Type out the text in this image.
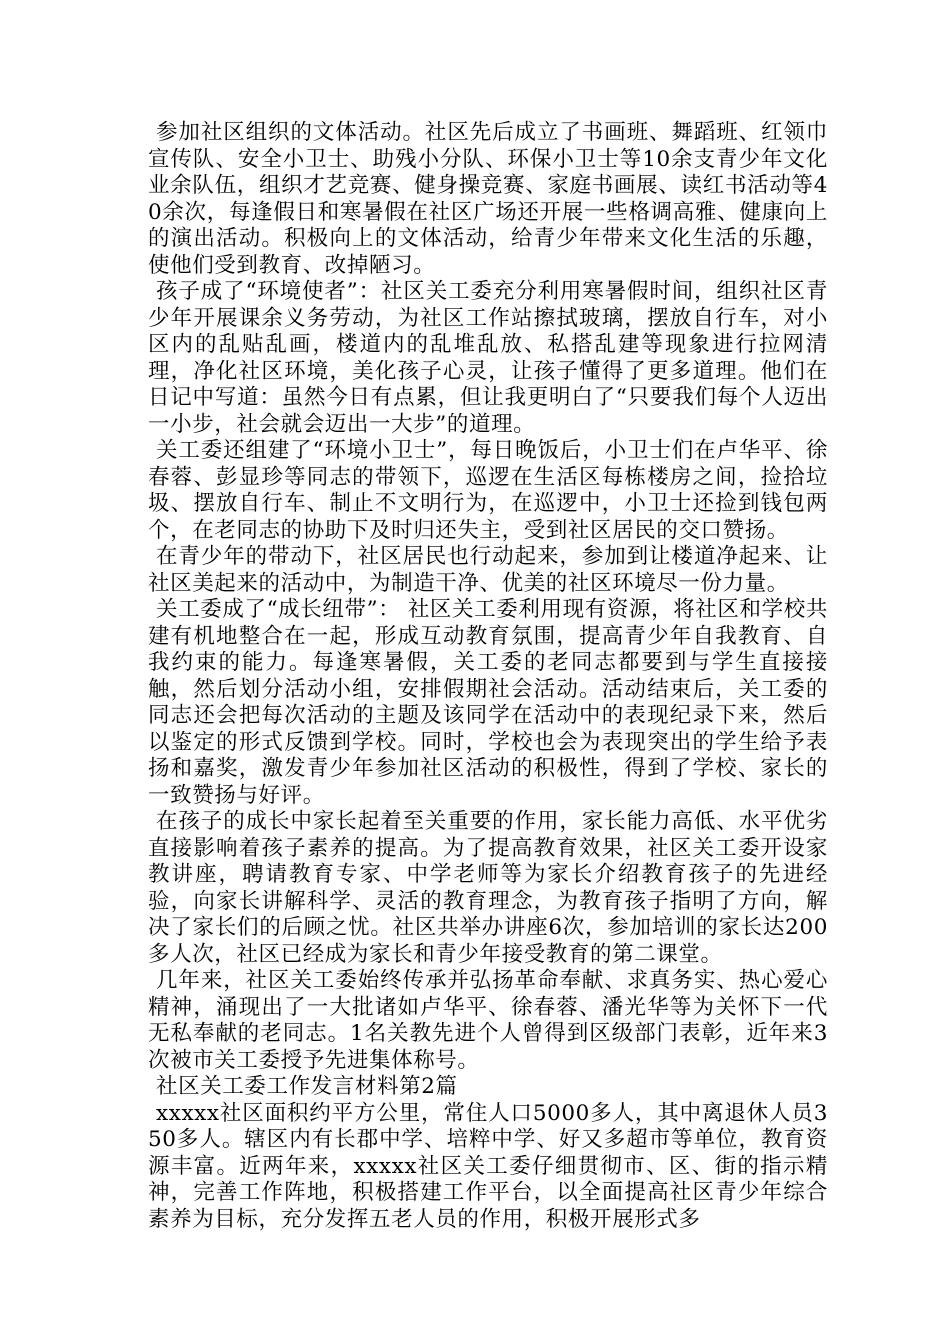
参加社区组织的文体活动。社区先后成立了书画班、舞蹈班、红领巾宣传队、安全小卫士、助残小分队、环保小卫士等10余支青少年文化业余队伍，组织才艺竞赛、健身操竞赛、家庭书画展、读红书活动等40余次，每逢假日和寒暑假在社区广场还开展一些格调高雅、健康向上的演出活动。积极向上的文体活动，给青少年带来文化生活的乐趣，使他们受到教育、改掉陋习。

孩子成了“环境使者”：社区关工委充分利用寒暑假时间，组织社区青少年开展课余义务劳动，为社区工作站擦拭玻璃，摆放自行车，对小区内的乱贴乱画，楼道内的乱堆乱放、私搭乱建等现象进行拉网清理，净化社区环境，美化孩子心灵，让孩子懂得了更多道理。他们在日记中写道：虽然今日有点累，但让我更明白了“只要我们每个人迈出一小步，社会就会迈出一大步”的道理。

关工委还组建了“环境小卫士”，每日晚饭后，小卫士们在卢华平、徐春蓉、彭显珍等同志的带领下，巡逻在生活区每栋楼房之间，捡拾垃圾、摆放自行车、制止不文明行为，在巡逻中，小卫士还捡到钱包两个，在老同志的协助下及时归还失主，受到社区居民的交口赞扬。

在青少年的带动下，社区居民也行动起来，参加到让楼道净起来、让社区美起来的活动中，为制造干净、优美的社区环境尽一份力量。

关工委成了“成长纽带”： 社区关工委利用现有资源，将社区和学校共建有机地整合在一起，形成互动教育氛围，提高青少年自我教育、自我约束的能力。每逢寒暑假，关工委的老同志都要到与学生直接接触，然后划分活动小组，安排假期社会活动。活动结束后，关工委的同志还会把每次活动的主题及该同学在活动中的表现纪录下来，然后以鉴定的形式反馈到学校。同时，学校也会为表现突出的学生给予表扬和嘉奖，激发青少年参加社区活动的积极性，得到了学校、家长的一致赞扬与好评。

在孩子的成长中家长起着至关重要的作用，家长能力高低、水平优劣直接影响着孩子素养的提高。为了提高教育效果，社区关工委开设家教讲座，聘请教育专家、中学老师等为家长介绍教育孩子的先进经验，向家长讲解科学、灵活的教育理念，为教育孩子指明了方向，解决了家长们的后顾之忧。社区共举办讲座6次，参加培训的家长达200多人次，社区已经成为家长和青少年接受教育的第二课堂。

几年来，社区关工委始终传承并弘扬革命奉献、求真务实、热心爱心精神，涌现出了一大批诸如卢华平、徐春蓉、潘光华等为关怀下一代无私奉献的老同志。1名关教先进个人曾得到区级部门表彰，近年来3次被市关工委授予先进集体称号。

社区关工委工作发言材料第2篇

xxxxx社区面积约平方公里，常住人口5000多人，其中离退休人员350多人。辖区内有长郡中学、培粹中学、好又多超市等单位，教育资源丰富。近两年来，xxxxx社区关工委仔细贯彻市、区、街的指示精神，完善工作阵地，积极搭建工作平台，以全面提高社区青少年综合素养为目标，充分发挥五老人员的作用，积极开展形式多
